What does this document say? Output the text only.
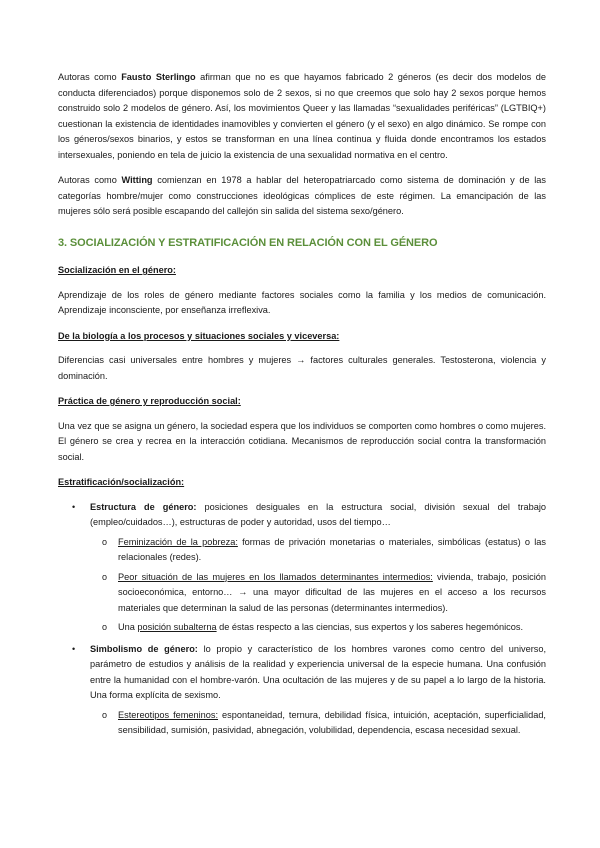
Autoras como Fausto Sterlingo afirman que no es que hayamos fabricado 2 géneros (es decir dos modelos de conducta diferenciados) porque disponemos solo de 2 sexos, si no que creemos que solo hay 2 sexos porque hemos construido solo 2 modelos de género. Así, los movimientos Queer y las llamadas “sexualidades periféricas” (LGTBIQ+) cuestionan la existencia de identidades inamovibles y convierten el género (y el sexo) en algo dinámico. Se rompe con los géneros/sexos binarios, y estos se transforman en una línea continua y fluida donde encontramos los estados intersexuales, poniendo en tela de juicio la existencia de una sexualidad normativa en el centro.

Autoras como Witting comienzan en 1978 a hablar del heteropatriarcado como sistema de dominación y de las categorías hombre/mujer como construcciones ideológicas cómplices de este régimen. La emancipación de las mujeres sólo será posible escapando del callejón sin salida del sistema sexo/género.

3. SOCIALIZACIÓN Y ESTRATIFICACIÓN EN RELACIÓN CON EL GÉNERO
Socialización en el género:

Aprendizaje de los roles de género mediante factores sociales como la familia y los medios de comunicación. Aprendizaje inconsciente, por enseñanza irreflexiva.

De la biología a los procesos y situaciones sociales y viceversa:

Diferencias casi universales entre hombres y mujeres → factores culturales generales. Testosterona, violencia y dominación.

Práctica de género y reproducción social:

Una vez que se asigna un género, la sociedad espera que los individuos se comporten como hombres o como mujeres. El género se crea y recrea en la interacción cotidiana. Mecanismos de reproducción social contra la transformación social.

Estratificación/socialización:
• Estructura de género: posiciones desiguales en la estructura social, división sexual del trabajo (empleo/cuidados…), estructuras de poder y autoridad, usos del tiempo…
o Feminización de la pobreza: formas de privación monetarias o materiales, simbólicas (estatus) o las relacionales (redes).
o Peor situación de las mujeres en los llamados determinantes intermedios: vivienda, trabajo, posición socioeconómica, entorno… → una mayor dificultad de las mujeres en el acceso a los recursos materiales que determinan la salud de las personas (determinantes intermedios).
o Una posición subalterna de éstas respecto a las ciencias, sus expertos y los saberes hegemónicos.
• Simbolismo de género: lo propio y característico de los hombres varones como centro del universo, parámetro de estudios y análisis de la realidad y experiencia universal de la especie humana. Una confusión entre la humanidad con el hombre-varón. Una ocultación de las mujeres y de su papel a lo largo de la historia. Una forma explícita de sexismo.
o Estereotipos femeninos: espontaneidad, ternura, debilidad física, intuición, aceptación, superficialidad, sensibilidad, sumisión, pasividad, abnegación, volubilidad, dependencia, escasa necesidad sexual.
